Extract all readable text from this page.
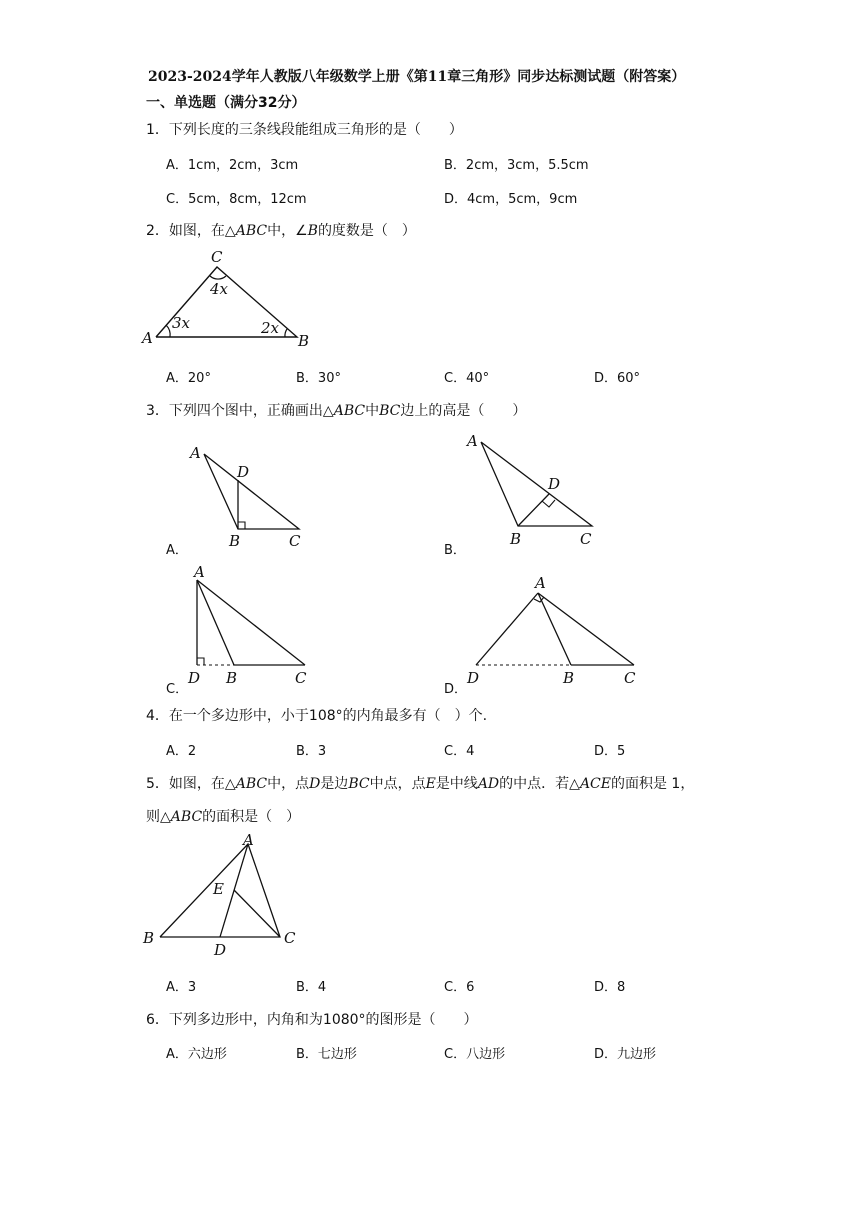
2023-2024学年人教版八年级数学上册《第11章三角形》同步达标测试题（附答案）
一、单选题（满分32分）
1．下列长度的三条线段能组成三角形的是（　　）
A．1cm，2cm，3cm	B．2cm，3cm，5.5cm
C．5cm，8cm，12cm	D．4cm，5cm，9cm
2．如图，在△ABC中，∠B的度数是（　）
A
C
B
4x
3x	2x
A．20°	B．30°	C．40°	D．60°
3．下列四个图中，正确画出△ABC中BC边上的高是（　　）
A．
A
D
B	C
B．
A
D
B	C
C．
A
D B	C
D．
A
D	B	C
4．在一个多边形中，小于108°的内角最多有（　）个.
A．2	B．3	C．4	D．5
5．如图，在△ABC中，点D是边BC中点，点E是中线AD的中点．若△ACE的面积是 1，
则△ABC的面积是（　）
A
E
B
D
C
A．3	B．4	C．6	D．8
6．下列多边形中，内角和为1080°的图形是（　　）
A．六边形	B．七边形	C．八边形	D．九边形
